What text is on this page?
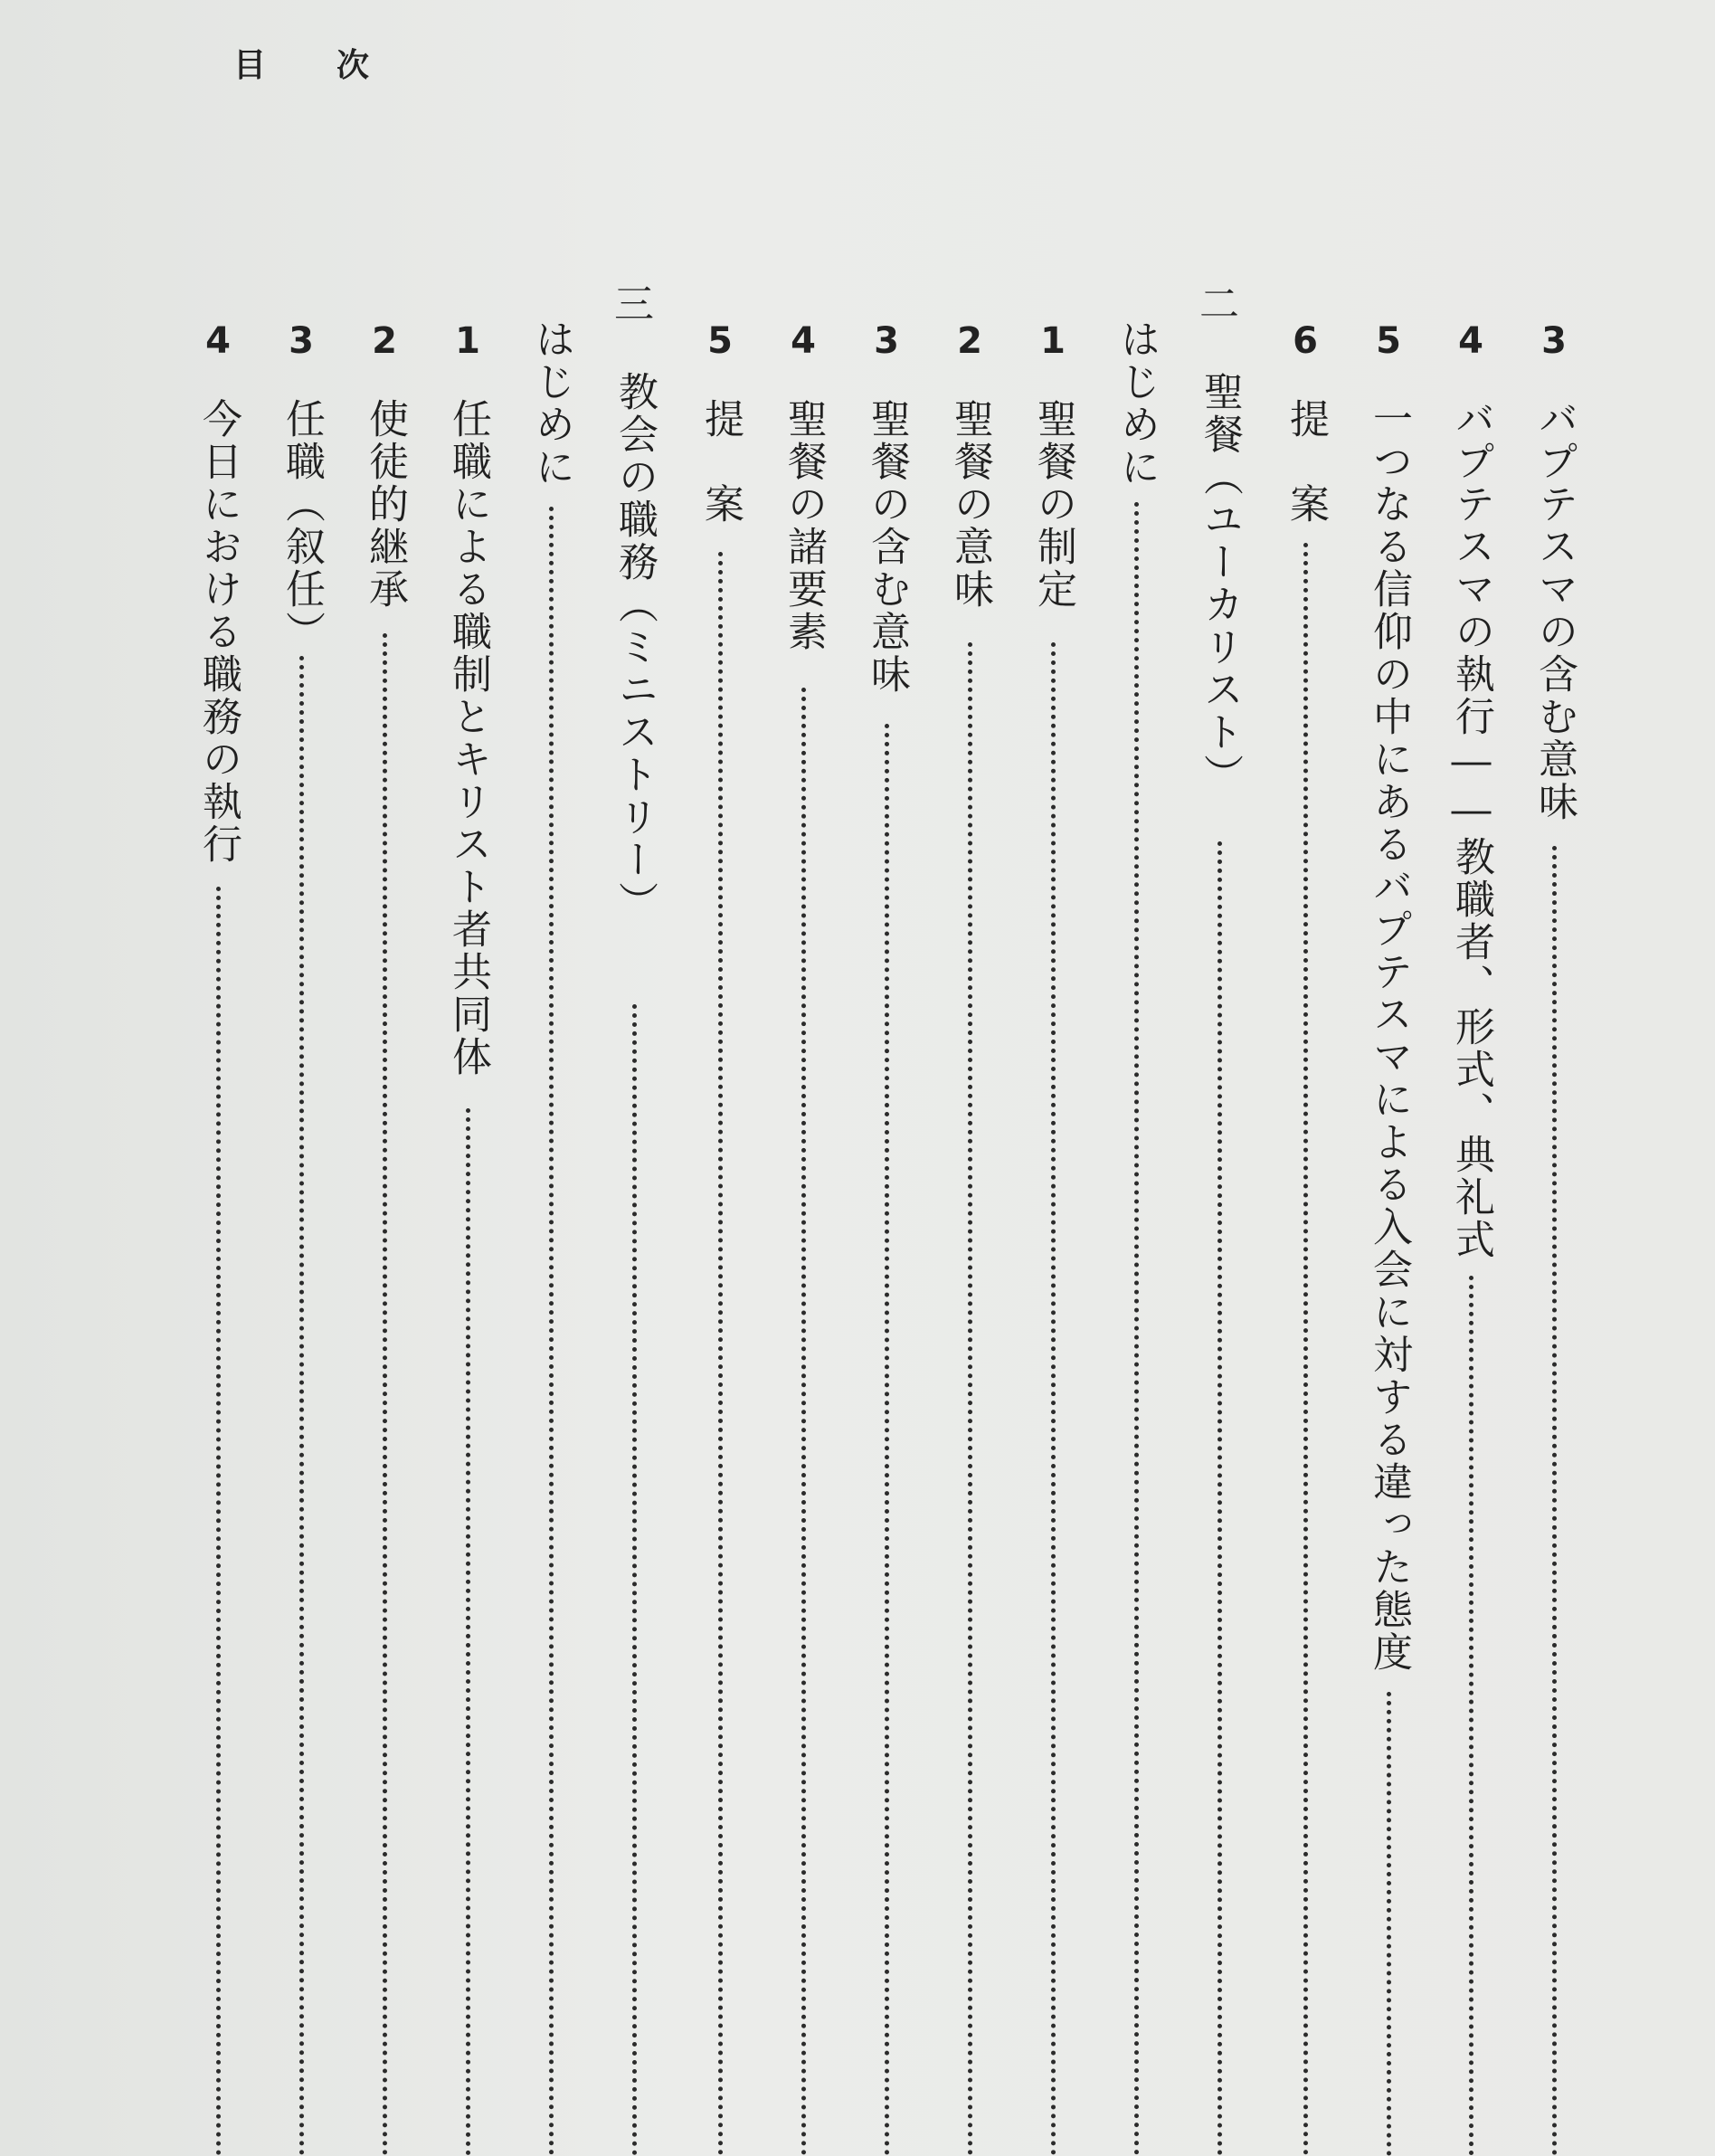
目 次
3
バプテスマの含む意味
4
バプテスマの執行――教職者、形式、典礼式
5
一つなる信仰の中にあるバプテスマによる入会に対する違った態度
6
提　案
二
聖餐（ユーカリスト）
はじめに
1
聖餐の制定
2
聖餐の意味
3
聖餐の含む意味
4
聖餐の諸要素
5
提　案
三
教会の職務（ミニストリー）
はじめに
1
任職による職制とキリスト者共同体
2
使徒的継承
3
任職（叙任）
4
今日における職務の執行
